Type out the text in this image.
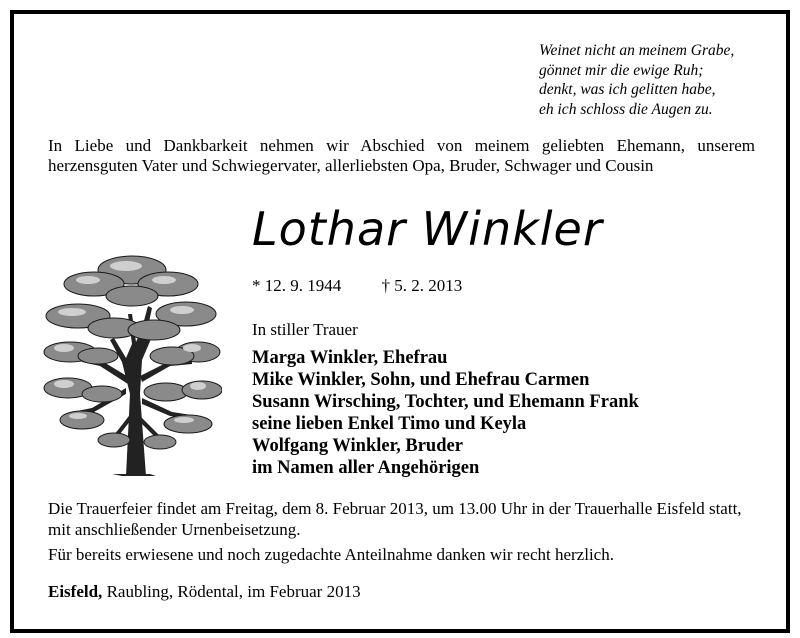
Weinet nicht an meinem Grabe,
gönnet mir die ewige Ruh;
denkt, was ich gelitten habe,
eh ich schloss die Augen zu.
In Liebe und Dankbarkeit nehmen wir Abschied von meinem geliebten Ehemann, unserem herzensguten Vater und Schwiegervater, allerliebsten Opa, Bruder, Schwager und Cousin
Lothar Winkler
* 12. 9. 1944 † 5. 2. 2013
In stiller Trauer
Marga Winkler, Ehefrau
Mike Winkler, Sohn, und Ehefrau Carmen
Susann Wirsching, Tochter, und Ehemann Frank
seine lieben Enkel Timo und Keyla
Wolfgang Winkler, Bruder
im Namen aller Angehörigen
Die Trauerfeier findet am Freitag, dem 8. Februar 2013, um 13.00 Uhr in der Trauerhalle Eisfeld statt, mit anschließender Urnenbeisetzung.
Für bereits erwiesene und noch zugedachte Anteilnahme danken wir recht herzlich.
Eisfeld, Raubling, Rödental, im Februar 2013
